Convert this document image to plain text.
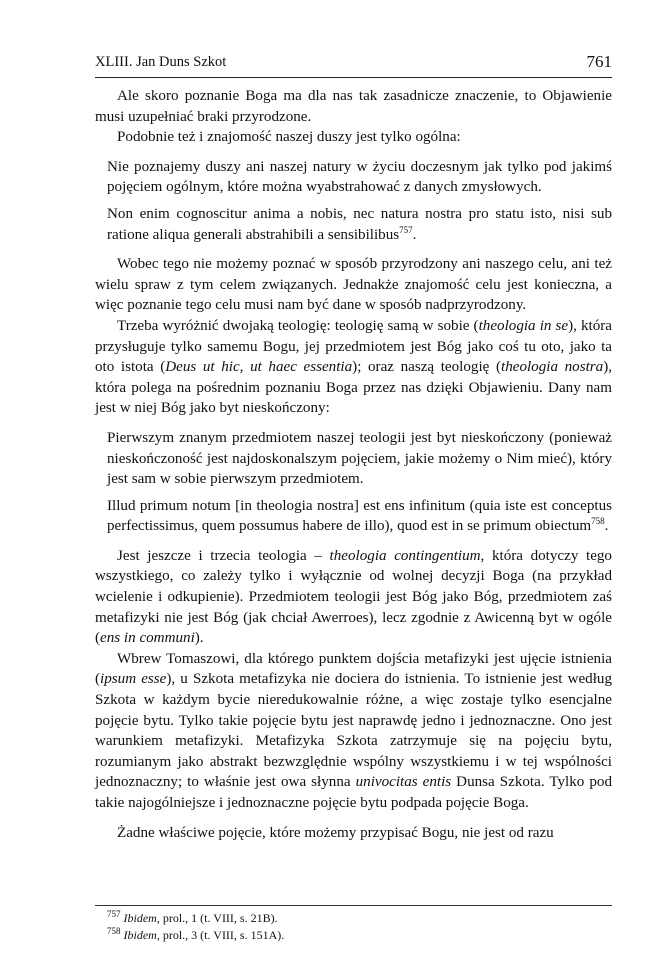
XLIII. Jan Duns Szkot	761

Ale skoro poznanie Boga ma dla nas tak zasadnicze znaczenie, to Objawienie musi uzupełniać braki przyrodzone.

Podobnie też i znajomość naszej duszy jest tylko ogólna:

Nie poznajemy duszy ani naszej natury w życiu doczesnym jak tylko pod jakimś pojęciem ogólnym, które można wyabstrahować z danych zmysłowych.

Non enim cognoscitur anima a nobis, nec natura nostra pro statu isto, nisi sub ratione aliqua generali abstrahibili a sensibilibus$^{757}$.

Wobec tego nie możemy poznać w sposób przyrodzony ani naszego celu, ani też wielu spraw z tym celem związanych. Jednakże znajomość celu jest konieczna, a więc poznanie tego celu musi nam być dane w sposób nadprzyrodzony.

Trzeba wyróżnić dwojaką teologię: teologię samą w sobie (theologia in se), która przysługuje tylko samemu Bogu, jej przedmiotem jest Bóg jako coś tu oto, jako ta oto istota (Deus ut hic, ut haec essentia); oraz naszą teologię (theologia nostra), która polega na pośrednim poznaniu Boga przez nas dzięki Objawieniu. Dany nam jest w niej Bóg jako byt nieskończony:

Pierwszym znanym przedmiotem naszej teologii jest byt nieskończony (ponieważ nieskończoność jest najdoskonalszym pojęciem, jakie możemy o Nim mieć), który jest sam w sobie pierwszym przedmiotem.

Illud primum notum [in theologia nostra] est ens infinitum (quia iste est conceptus perfectissimus, quem possumus habere de illo), quod est in se primum obiectum$^{758}$.

Jest jeszcze i trzecia teologia – theologia contingentium, która dotyczy tego wszystkiego, co zależy tylko i wyłącznie od wolnej decyzji Boga (na przykład wcielenie i odkupienie). Przedmiotem teologii jest Bóg jako Bóg, przedmiotem zaś metafizyki nie jest Bóg (jak chciał Awerroes), lecz zgodnie z Awicenną byt w ogóle (ens in communi).

Wbrew Tomaszowi, dla którego punktem dojścia metafizyki jest ujęcie istnienia (ipsum esse), u Szkota metafizyka nie dociera do istnienia. To istnienie jest według Szkota w każdym bycie nieredukowalnie różne, a więc zostaje tylko esencjalne pojęcie bytu. Tylko takie pojęcie bytu jest naprawdę jedno i jednoznaczne. Ono jest warunkiem metafizyki. Metafizyka Szkota zatrzymuje się na pojęciu bytu, rozumianym jako abstrakt bezwzględnie wspólny wszystkiemu i w tej wspólności jednoznaczny; to właśnie jest owa słynna univocitas entis Dunsa Szkota. Tylko pod takie najogólniejsze i jednoznaczne pojęcie bytu podpada pojęcie Boga.

Żadne właściwe pojęcie, które możemy przypisać Bogu, nie jest od razu

$^{757}$ Ibidem, prol., 1 (t. VIII, s. 21B).
$^{758}$ Ibidem, prol., 3 (t. VIII, s. 151A).
